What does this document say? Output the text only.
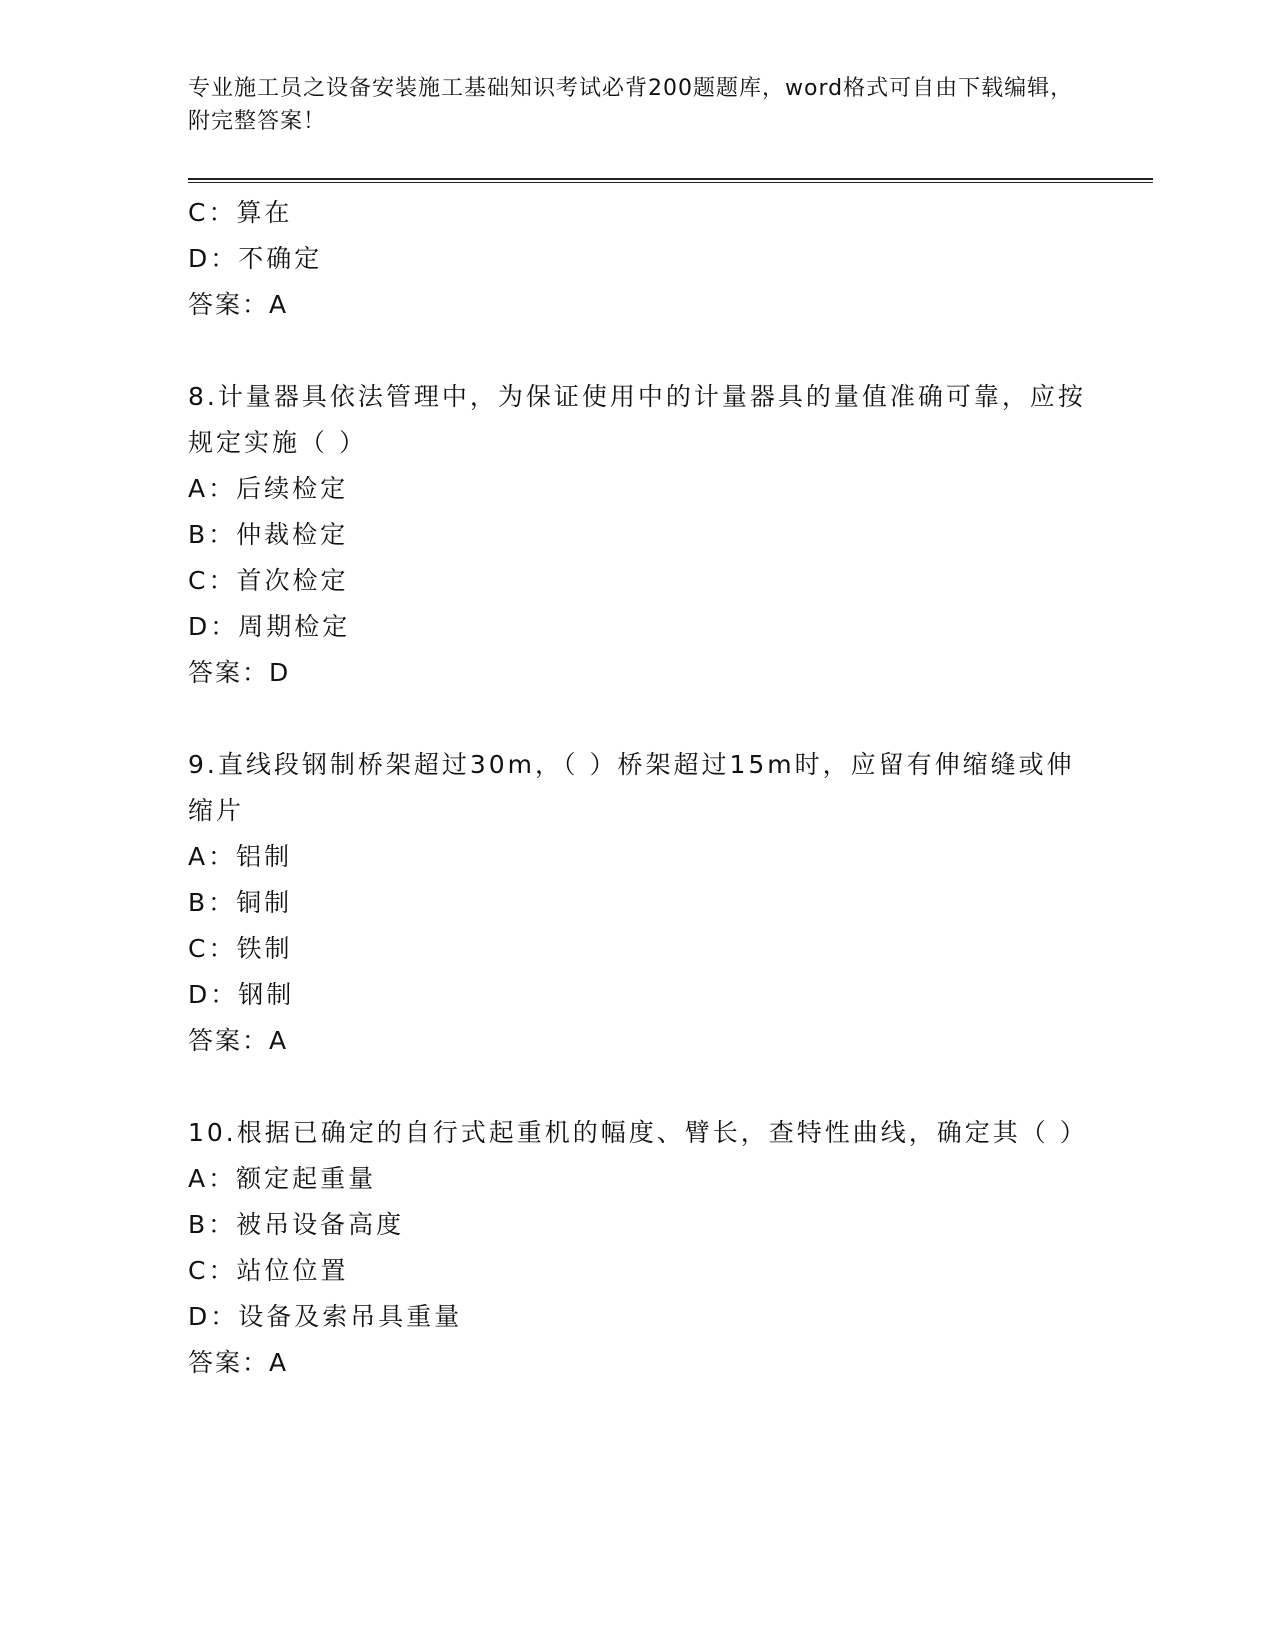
专业施工员之设备安装施工基础知识考试必背200题题库，word格式可自由下载编辑，附完整答案！
C：算在
D：不确定
答案：A
8.计量器具依法管理中，为保证使用中的计量器具的量值准确可靠，应按规定实施（ ）
A：后续检定
B：仲裁检定
C：首次检定
D：周期检定
答案：D
9.直线段钢制桥架超过30m，（ ）桥架超过15m时，应留有伸缩缝或伸缩片
A：铝制
B：铜制
C：铁制
D：钢制
答案：A
10.根据已确定的自行式起重机的幅度、臂长，查特性曲线，确定其（ ）
A：额定起重量
B：被吊设备高度
C：站位位置
D：设备及索吊具重量
答案：A
